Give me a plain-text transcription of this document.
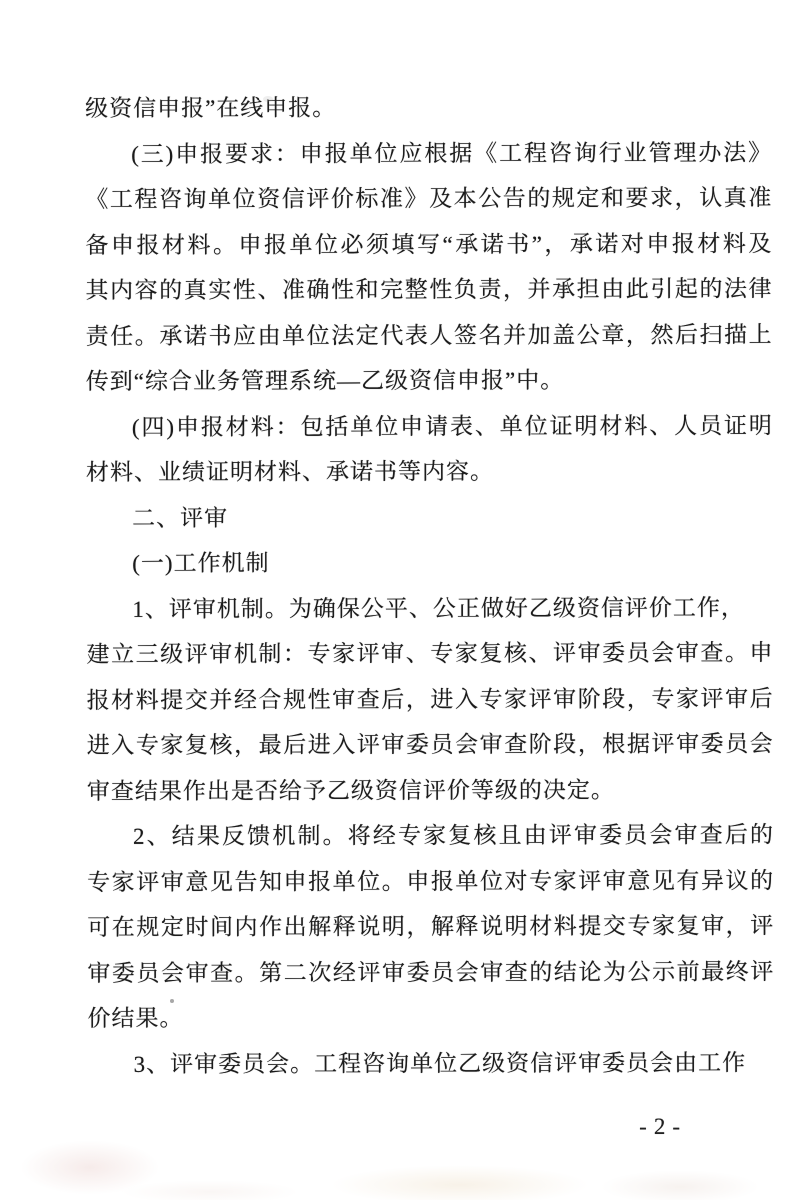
级资信申报”在线申报。
(三)申报要求：申报单位应根据《工程咨询行业管理办法》
《工程咨询单位资信评价标准》及本公告的规定和要求，认真准
备申报材料。申报单位必须填写“承诺书”，承诺对申报材料及
其内容的真实性、准确性和完整性负责，并承担由此引起的法律
责任。承诺书应由单位法定代表人签名并加盖公章，然后扫描上
传到“综合业务管理系统—乙级资信申报”中。
(四)申报材料：包括单位申请表、单位证明材料、人员证明
材料、业绩证明材料、承诺书等内容。
二、评审
(一)工作机制
1、评审机制。为确保公平、公正做好乙级资信评价工作，
建立三级评审机制：专家评审、专家复核、评审委员会审查。申
报材料提交并经合规性审查后，进入专家评审阶段，专家评审后
进入专家复核，最后进入评审委员会审查阶段，根据评审委员会
审查结果作出是否给予乙级资信评价等级的决定。
2、结果反馈机制。将经专家复核且由评审委员会审查后的
专家评审意见告知申报单位。申报单位对专家评审意见有异议的
可在规定时间内作出解释说明，解释说明材料提交专家复审，评
审委员会审查。第二次经评审委员会审查的结论为公示前最终评
价结果。
3、评审委员会。工程咨询单位乙级资信评审委员会由工作
-2-
